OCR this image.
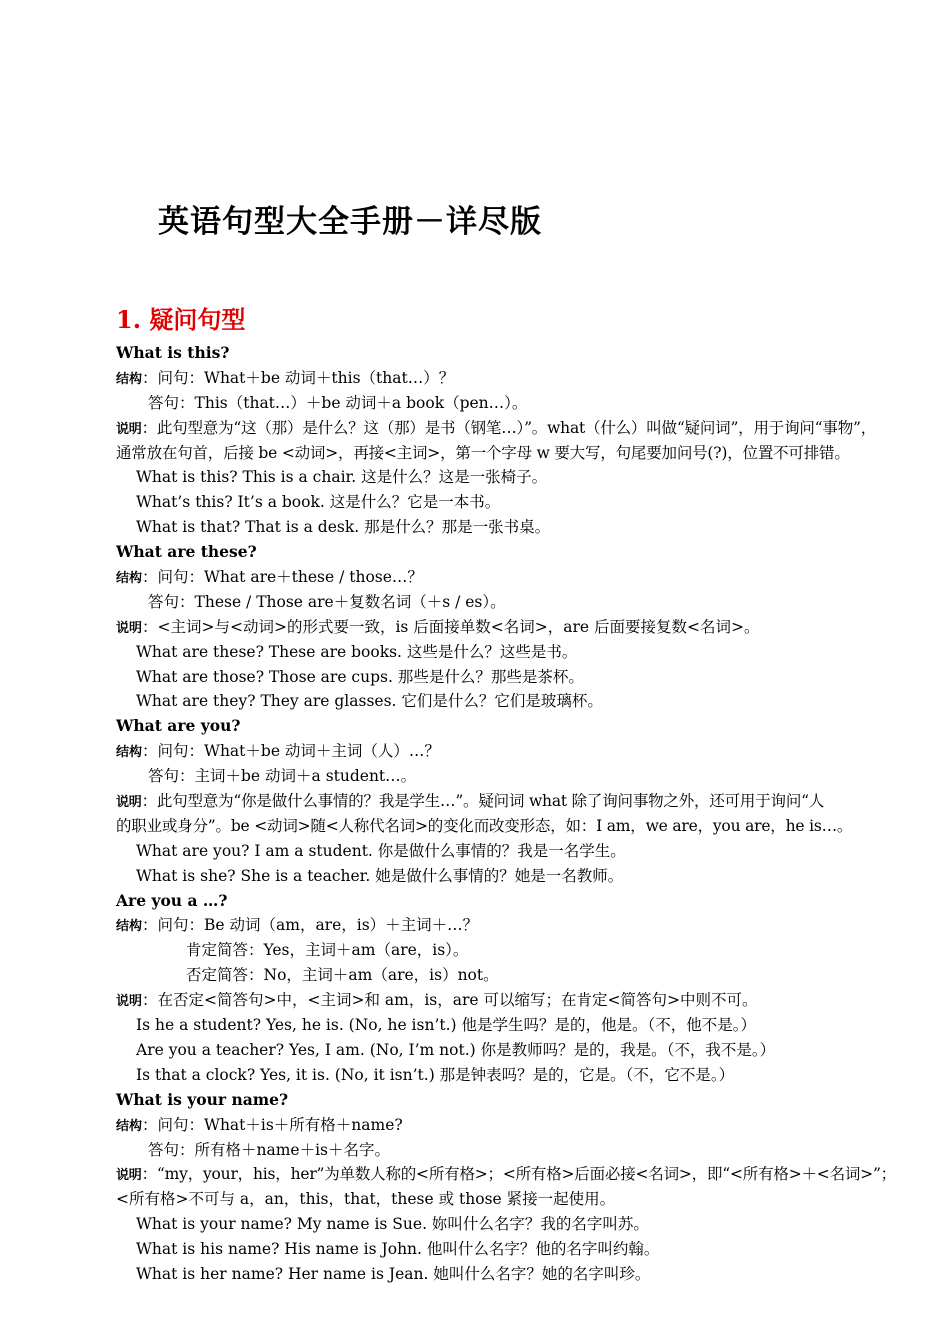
英语句型大全手册－详尽版
1. 疑问句型
What is this?
结构：问句：What＋be 动词＋this（that…）？
答句：This（that…）＋be 动词＋a book（pen…）。
说明：此句型意为“这（那）是什么？这（那）是书（钢笔…）”。what（什么）叫做“疑问词”，用于询问“事物”，
通常放在句首，后接 be <动词>，再接<主词>，第一个字母 w 要大写，句尾要加问号(?)，位置不可排错。
What is this? This is a chair. 这是什么？这是一张椅子。
What’s this? It’s a book. 这是什么？它是一本书。
What is that? That is a desk. 那是什么？那是一张书桌。
What are these?
结构：问句：What are＋these / those…？
答句：These / Those are＋复数名词（＋s / es）。
说明：<主词>与<动词>的形式要一致，is 后面接单数<名词>，are 后面要接复数<名词>。
What are these? These are books. 这些是什么？这些是书。
What are those? Those are cups. 那些是什么？那些是茶杯。
What are they? They are glasses. 它们是什么？它们是玻璃杯。
What are you?
结构：问句：What＋be 动词＋主词（人）…？
答句：主词＋be 动词＋a student…。
说明：此句型意为“你是做什么事情的？我是学生…”。疑问词 what 除了询问事物之外，还可用于询问“人
的职业或身分”。be <动词>随<人称代名词>的变化而改变形态，如：I am，we are，you are，he is…。
What are you? I am a student. 你是做什么事情的？我是一名学生。
What is she? She is a teacher. 她是做什么事情的？她是一名教师。
Are you a …?
结构：问句：Be 动词（am，are，is）＋主词＋…？
肯定简答：Yes，主词＋am（are，is）。
否定简答：No，主词＋am（are，is）not。
说明：在否定<简答句>中，<主词>和 am，is，are 可以缩写；在肯定<简答句>中则不可。
Is he a student? Yes, he is. (No, he isn’t.) 他是学生吗？是的，他是。（不，他不是。）
Are you a teacher? Yes, I am. (No, I’m not.) 你是教师吗？是的，我是。（不，我不是。）
Is that a clock? Yes, it is. (No, it isn’t.) 那是钟表吗？是的，它是。（不，它不是。）
What is your name?
结构：问句：What＋is＋所有格＋name?
答句：所有格＋name＋is＋名字。
说明：“my，your，his，her”为单数人称的<所有格>；<所有格>后面必接<名词>，即“<所有格>＋<名词>”；
<所有格>不可与 a，an，this，that，these 或 those 紧接一起使用。
What is your name? My name is Sue. 妳叫什么名字？我的名字叫苏。
What is his name? His name is John. 他叫什么名字？他的名字叫约翰。
What is her name? Her name is Jean. 她叫什么名字？她的名字叫珍。
